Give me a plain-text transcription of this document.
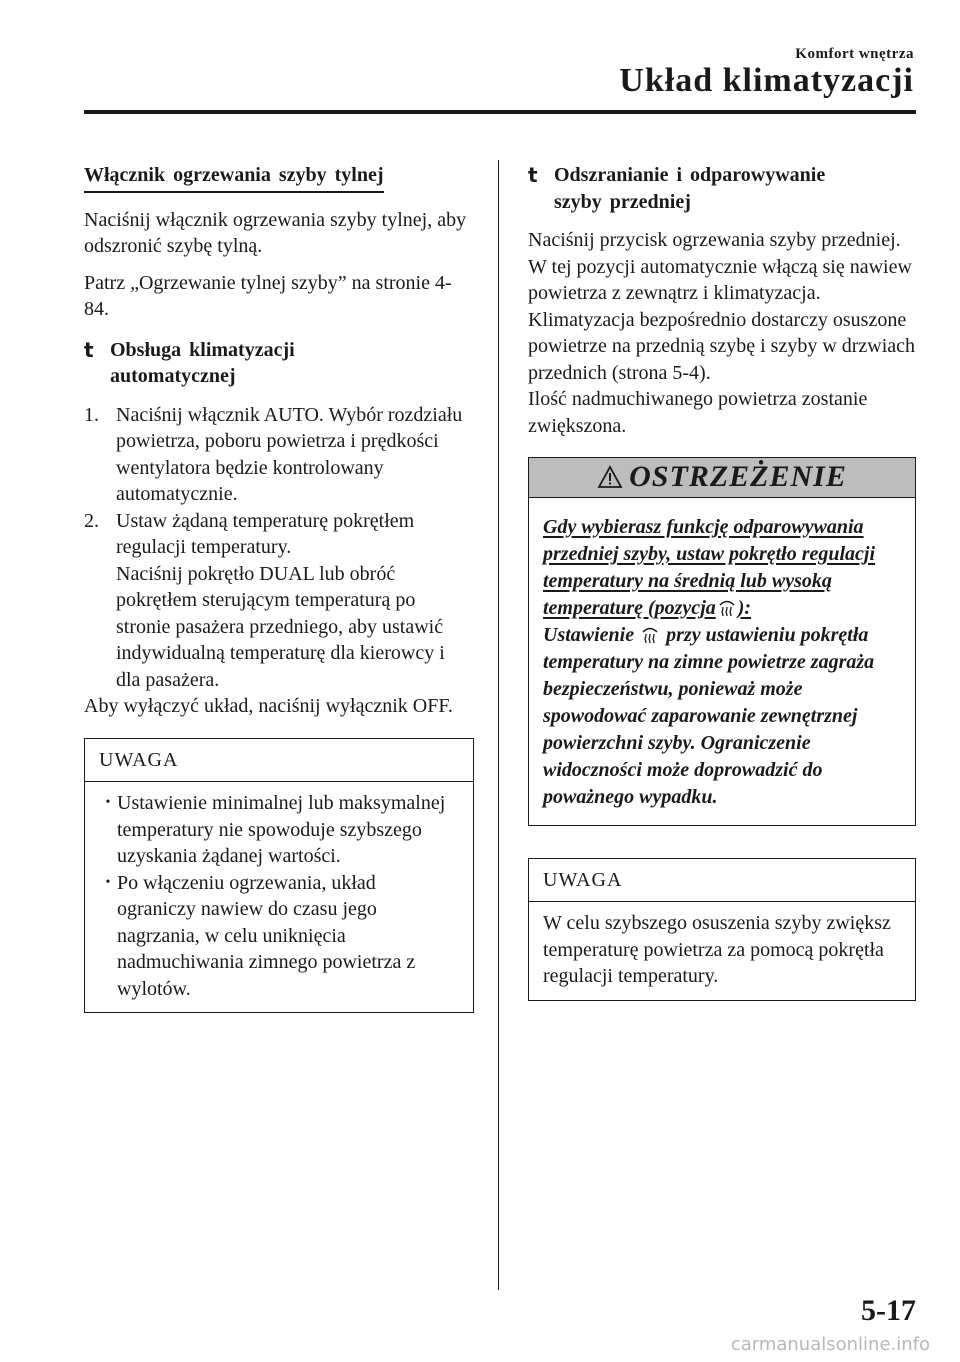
Komfort wnętrza
Układ klimatyzacji
Włącznik ogrzewania szyby tylnej

Naciśnij włącznik ogrzewania szyby tylnej, aby odszronić szybę tylną.

Patrz „Ogrzewanie tylnej szyby” na stronie 4-84.

t Obsługa klimatyzacji
automatycznej
1. Naciśnij włącznik AUTO. Wybór rozdziału powietrza, poboru powietrza i prędkości wentylatora będzie kontrolowany automatycznie.
2. Ustaw żądaną temperaturę pokrętłem regulacji temperatury.
Naciśnij pokrętło DUAL lub obróć pokrętłem sterującym temperaturą po stronie pasażera przedniego, aby ustawić indywidualną temperaturę dla kierowcy i dla pasażera.

Aby wyłączyć układ, naciśnij wyłącznik OFF.

UWAGA
• Ustawienie minimalnej lub maksymalnej temperatury nie spowoduje szybszego uzyskania żądanej wartości.
• Po włączeniu ogrzewania, układ ograniczy nawiew do czasu jego nagrzania, w celu uniknięcia nadmuchiwania zimnego powietrza z wylotów.
t Odszranianie i odparowywanie
szyby przedniej

Naciśnij przycisk ogrzewania szyby przedniej.

W tej pozycji automatycznie włączą się nawiew powietrza z zewnątrz i klimatyzacja. Klimatyzacja bezpośrednio dostarczy osuszone powietrze na przednią szybę i szyby w drzwiach przednich (strona 5-4).

Ilość nadmuchiwanego powietrza zostanie zwiększona.

OSTRZEŻENIE
Gdy wybierasz funkcję odparowywania przedniej szyby, ustaw pokrętło regulacji temperatury na średnią lub wysoką temperaturę (pozycja ):
Ustawienie przy ustawieniu pokrętła temperatury na zimne powietrze zagraża bezpieczeństwu, ponieważ może spowodować zaparowanie zewnętrznej powierzchni szyby. Ograniczenie widoczności może doprowadzić do poważnego wypadku.
UWAGA
W celu szybszego osuszenia szyby zwiększ temperaturę powietrza za pomocą pokrętła regulacji temperatury.
5-17
carmanualsonline.info
